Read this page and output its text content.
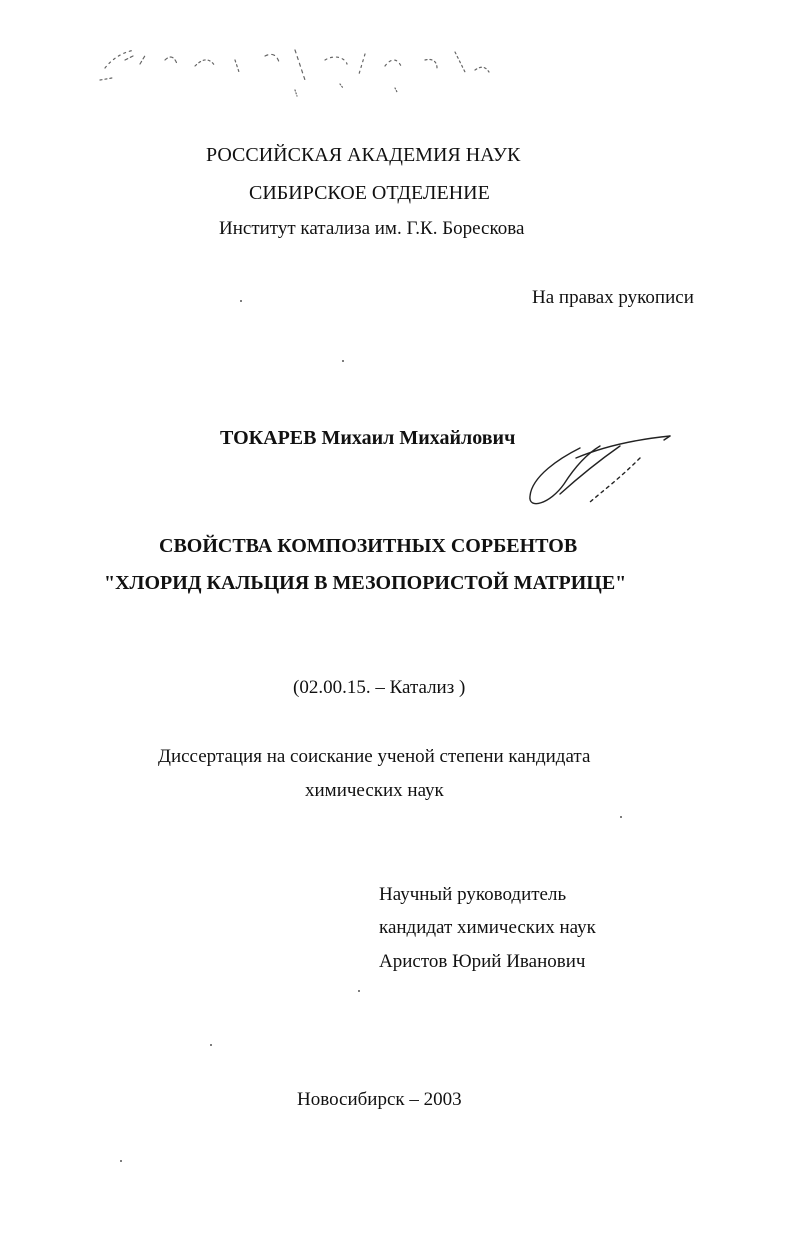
РОССИЙСКАЯ АКАДЕМИЯ НАУК
СИБИРСКОЕ ОТДЕЛЕНИЕ
Институт катализа им. Г.К. Борескова
На правах рукописи
ТОКАРЕВ Михаил Михайлович
СВОЙСТВА КОМПОЗИТНЫХ СОРБЕНТОВ
"ХЛОРИД КАЛЬЦИЯ В МЕЗОПОРИСТОЙ МАТРИЦЕ"
(02.00.15. – Катализ )
Диссертация на соискание ученой степени кандидата
химических наук
Научный руководитель
кандидат химических наук
Аристов Юрий Иванович
Новосибирск – 2003
